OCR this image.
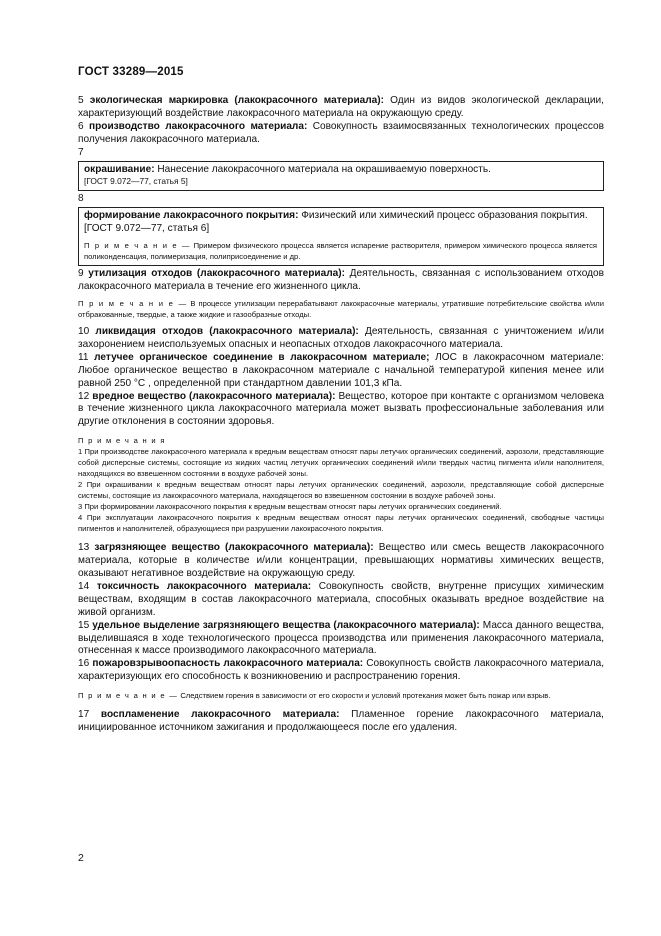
ГОСТ 33289—2015

5 экологическая маркировка (лакокрасочного материала): Один из видов экологической декларации, характеризующий воздействие лакокрасочного материала на окружающую среду.

6 производство лакокрасочного материала: Совокупность взаимосвязанных технологических процессов получения лакокрасочного материала.

7

окрашивание: Нанесение лакокрасочного материала на окрашиваемую поверхность.

[ГОСТ 9.072—77, статья 5]

8

формирование лакокрасочного покрытия: Физический или химический процесс образования покрытия.

[ГОСТ 9.072—77, статья 6]

П р и м е ч а н и е — Примером физического процесса является испарение растворителя, примером химического процесса является поликонденсация, полимеризация, полиприсоединение и др.

9 утилизация отходов (лакокрасочного материала): Деятельность, связанная с использованием отходов лакокрасочного материала в течение его жизненного цикла.

П р и м е ч а н и е — В процессе утилизации перерабатывают лакокрасочные материалы, утратившие потребительские свойства и/или отбракованные, твердые, а также жидкие и газообразные отходы.

10 ликвидация отходов (лакокрасочного материала): Деятельность, связанная с уничтожением и/или захоронением неиспользуемых опасных и неопасных отходов лакокрасочного материала.

11 летучее органическое соединение в лакокрасочном материале; ЛОС в лакокрасочном материале: Любое органическое вещество в лакокрасочном материале с начальной температурой кипения менее или равной 250 °С , определенной при стандартном давлении 101,3 кПа.

12 вредное вещество (лакокрасочного материала): Вещество, которое при контакте с организмом человека в течение жизненного цикла лакокрасочного материала может вызвать профессиональные заболевания или другие отклонения в состоянии здоровья.

П р и м е ч а н и я

1 При производстве лакокрасочного материала к вредным веществам относят пары летучих органических соединений, аэрозоли, представляющие собой дисперсные системы, состоящие из жидких частиц летучих органических соединений и/или твердых частиц пигмента и/или наполнителя, находящихся во взвешенном состоянии в воздухе рабочей зоны.

2 При окрашивании к вредным веществам относят пары летучих органических соединений, аэрозоли, представляющие собой дисперсные системы, состоящие из лакокрасочного материала, находящегося во взвешенном состоянии в воздухе рабочей зоны.

3 При формировании лакокрасочного покрытия к вредным веществам относят пары летучих органических соединений.

4 При эксплуатации лакокрасочного покрытия к вредным веществам относят пары летучих органических соединений, свободные частицы пигментов и наполнителей, образующиеся при разрушении лакокрасочного покрытия.

13 загрязняющее вещество (лакокрасочного материала): Вещество или смесь веществ лакокрасочного материала, которые в количестве и/или концентрации, превышающих нормативы химических веществ, оказывают негативное воздействие на окружающую среду.

14 токсичность лакокрасочного материала: Совокупность свойств, внутренне присущих химическим веществам, входящим в состав лакокрасочного материала, способных оказывать вредное воздействие на живой организм.

15 удельное выделение загрязняющего вещества (лакокрасочного материала): Масса данного вещества, выделившаяся в ходе технологического процесса производства или применения лакокрасочного материала, отнесенная к массе производимого лакокрасочного материала.

16 пожаровзрывоопасность лакокрасочного материала: Совокупность свойств лакокрасочного материала, характеризующих его способность к возникновению и распространению горения.

П р и м е ч а н и е — Следствием горения в зависимости от его скорости и условий протекания может быть пожар или взрыв.

17 воспламенение лакокрасочного материала: Пламенное горение лакокрасочного материала, инициированное источником зажигания и продолжающееся после его удаления.

2
